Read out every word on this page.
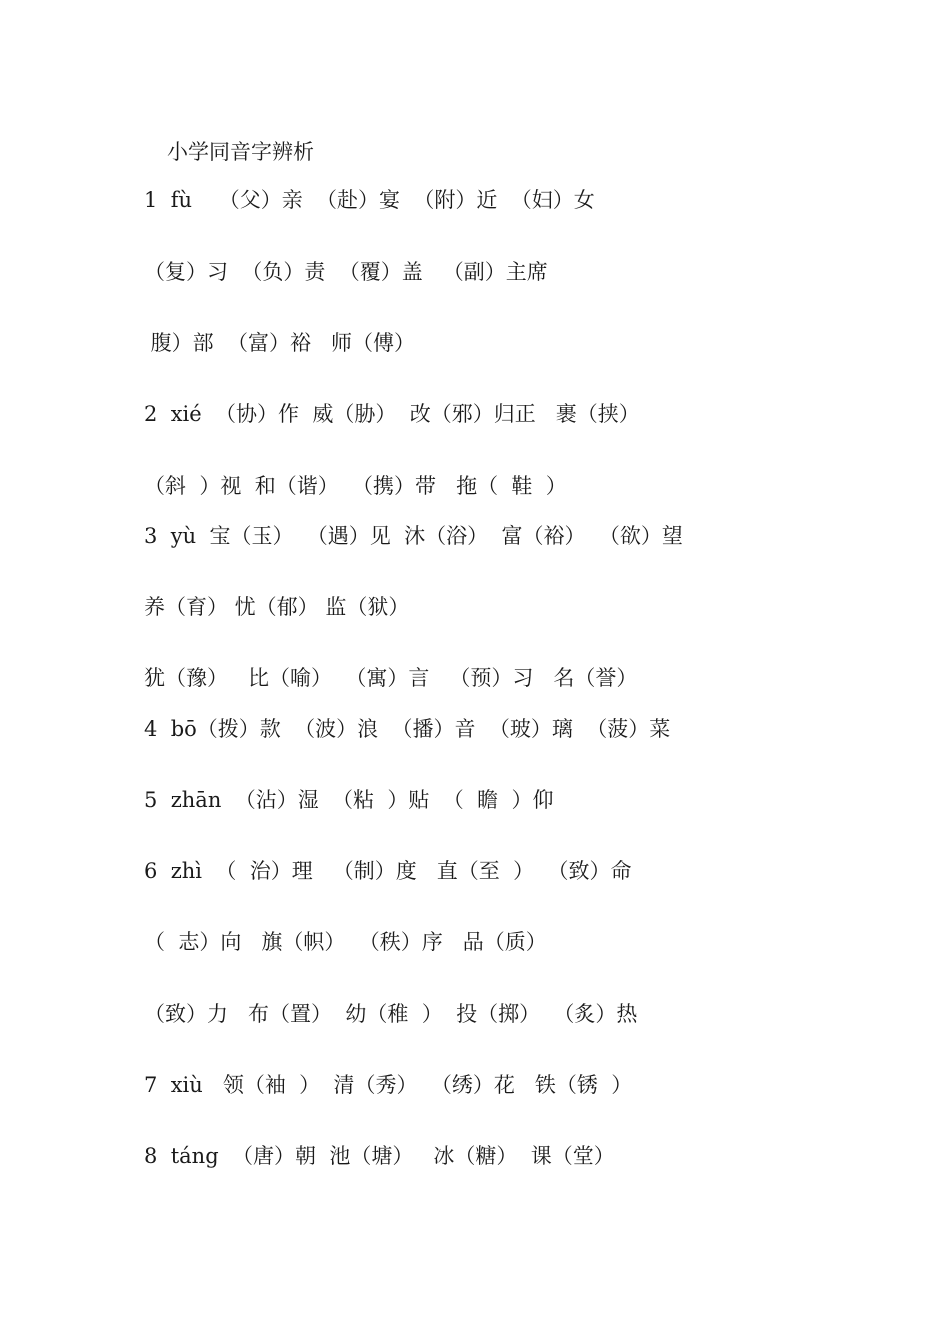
小学同音字辨析
1  fù    （父）亲  （赴）宴  （附）近  （妇）女
（复）习  （负）责  （覆）盖   （副）主席
腹）部  （富）裕   师（傅）
2  xié  （协）作  威（胁）  改（邪）归正   裹（挟）
（斜  ）视  和（谐）  （携）带   拖（  鞋  ）
3  yù  宝（玉）  （遇）见  沐（浴）  富（裕）  （欲）望
养（育） 忧（郁） 监（狱）
犹（豫）   比（喻）  （寓）言   （预）习   名（誉）
4  bō（拨）款  （波）浪  （播）音  （玻）璃  （菠）菜
5  zhān  （沾）湿  （粘  ）贴  （  瞻  ）仰
6  zhì  （  治）理   （制）度   直（至  ）  （致）命
（  志）向   旗（帜）  （秩）序   品（质）
（致）力   布（置）  幼（稚  ）  投（掷）  （炙）热
7  xiù   领（袖  ）  清（秀）  （绣）花   铁（锈  ）
8  táng  （唐）朝  池（塘）   冰（糖）  课（堂）
